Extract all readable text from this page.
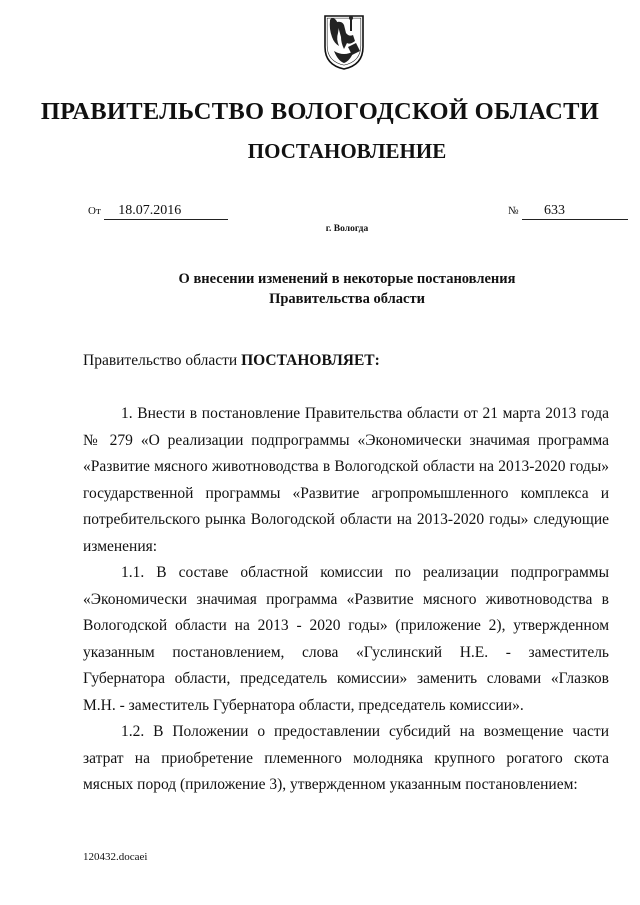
ПРАВИТЕЛЬСТВО ВОЛОГОДСКОЙ ОБЛАСТИ
ПОСТАНОВЛЕНИЕ
От 18.07.2016	№ 633
г. Вологда
О внесении изменений в некоторые постановления
Правительства области
Правительство области ПОСТАНОВЛЯЕТ:

1. Внести в постановление Правительства области от 21 марта 2013 года № 279 «О реализации подпрограммы «Экономически значимая программа «Развитие мясного животноводства в Вологодской области на 2013-2020 годы» государственной программы «Развитие агропромышленного комплекса и потребительского рынка Вологодской области на 2013-2020 годы» следующие изменения:

1.1. В составе областной комиссии по реализации подпрограммы «Экономически значимая программа «Развитие мясного животноводства в Вологодской области на 2013 - 2020 годы» (приложение 2), утвержденном указанным постановлением, слова «Гуслинский Н.Е. - заместитель Губернатора области, председатель комиссии» заменить словами «Глазков М.Н. - заместитель Губернатора области, председатель комиссии».

1.2. В Положении о предоставлении субсидий на возмещение части затрат на приобретение племенного молодняка крупного рогатого скота мясных пород (приложение 3), утвержденном указанным постановлением:

120432.docaei
